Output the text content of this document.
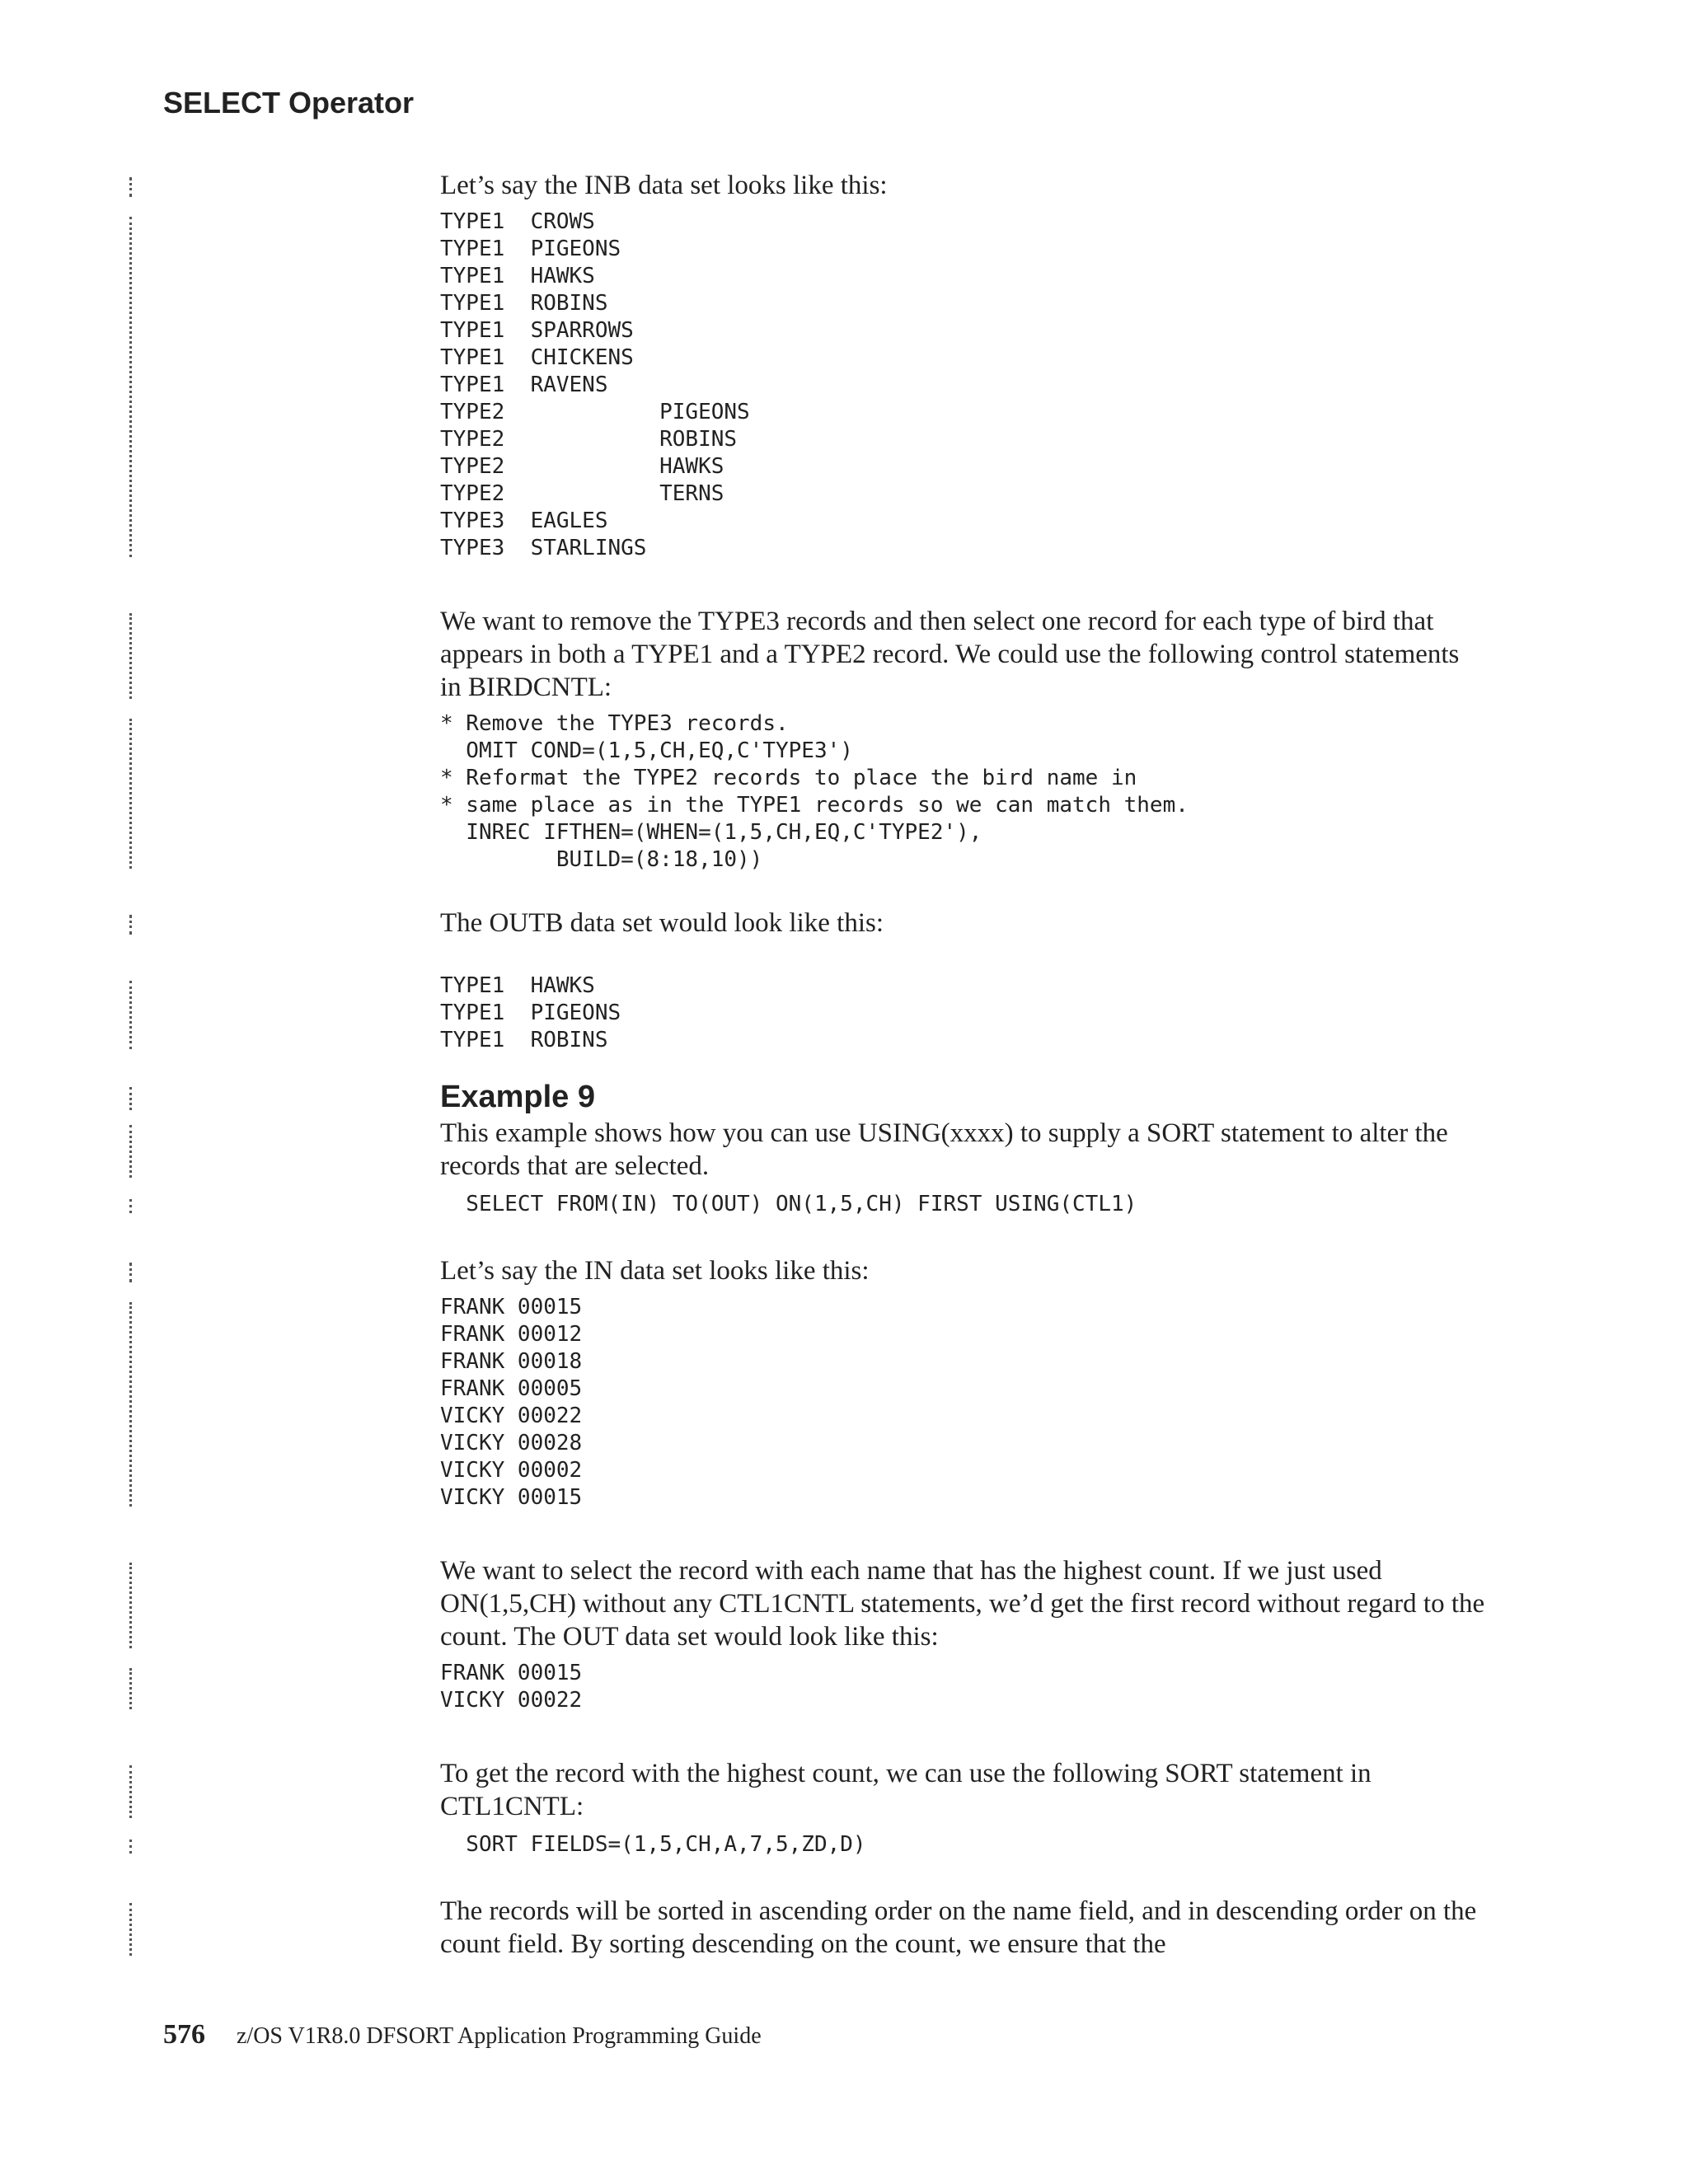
SELECT Operator

Let’s say the INB data set looks like this:

TYPE1  CROWS
TYPE1  PIGEONS
TYPE1  HAWKS
TYPE1  ROBINS
TYPE1  SPARROWS
TYPE1  CHICKENS
TYPE1  RAVENS
TYPE2            PIGEONS
TYPE2            ROBINS
TYPE2            HAWKS
TYPE2            TERNS
TYPE3  EAGLES
TYPE3  STARLINGS

We want to remove the TYPE3 records and then select one record for each type of bird that appears in both a TYPE1 and a TYPE2 record. We could use the following control statements in BIRDCNTL:

* Remove the TYPE3 records.
OMIT COND=(1,5,CH,EQ,C'TYPE3')
* Reformat the TYPE2 records to place the bird name in
* same place as in the TYPE1 records so we can match them.
INREC IFTHEN=(WHEN=(1,5,CH,EQ,C'TYPE2'),
BUILD=(8:18,10))

The OUTB data set would look like this:

TYPE1  HAWKS
TYPE1  PIGEONS
TYPE1  ROBINS
Example 9

This example shows how you can use USING(xxxx) to supply a SORT statement to alter the records that are selected.

SELECT FROM(IN) TO(OUT) ON(1,5,CH) FIRST USING(CTL1)

Let’s say the IN data set looks like this:

FRANK 00015
FRANK 00012
FRANK 00018
FRANK 00005
VICKY 00022
VICKY 00028
VICKY 00002
VICKY 00015

We want to select the record with each name that has the highest count. If we just used ON(1,5,CH) without any CTL1CNTL statements, we’d get the first record without regard to the count. The OUT data set would look like this:

FRANK 00015
VICKY 00022

To get the record with the highest count, we can use the following SORT statement in CTL1CNTL:

SORT FIELDS=(1,5,CH,A,7,5,ZD,D)

The records will be sorted in ascending order on the name field, and in descending order on the count field. By sorting descending on the count, we ensure that the

576 z/OS V1R8.0 DFSORT Application Programming Guide
